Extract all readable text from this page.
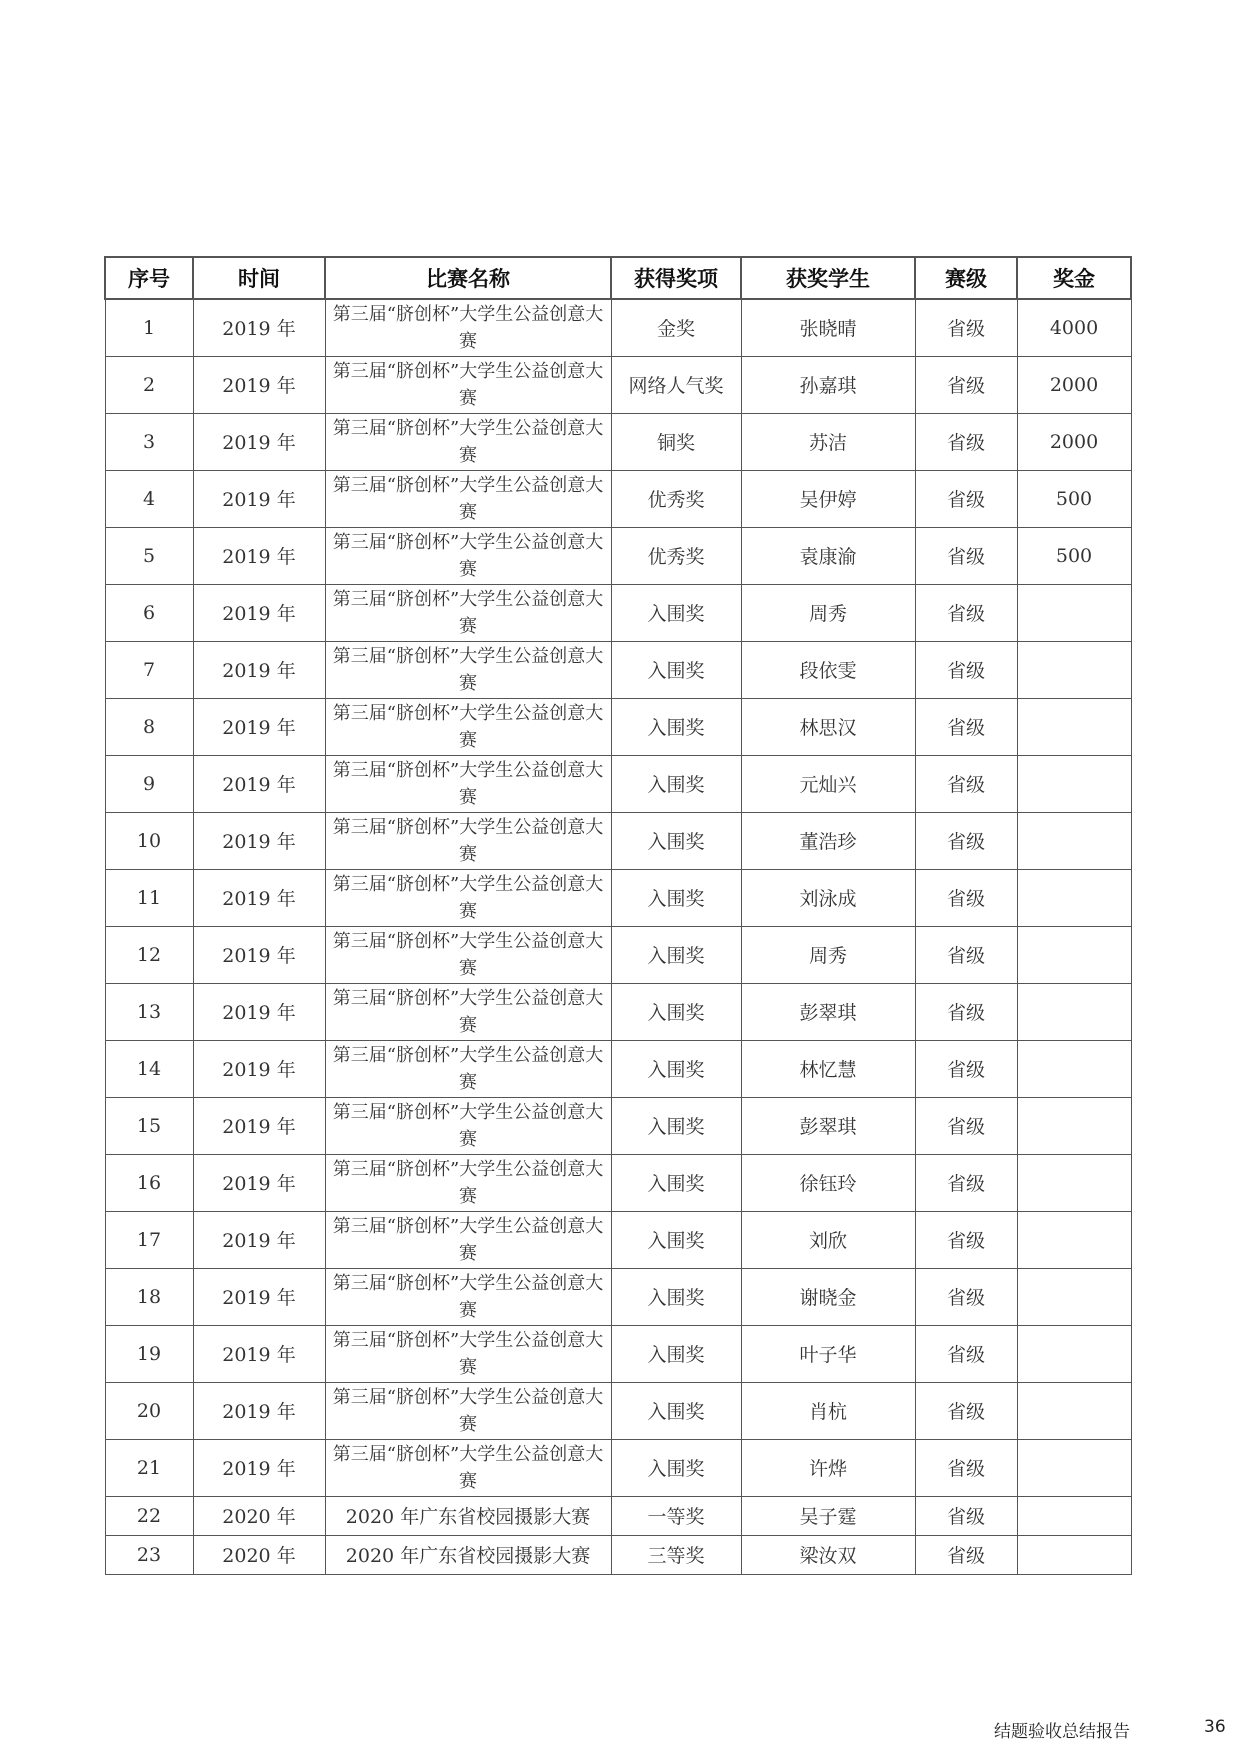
序号	时间	比赛名称	获得奖项	获奖学生	赛级	奖金
1	2019 年	第三届“脐创杯”大学生公益创意大赛	金奖	张晓晴	省级	4000
2	2019 年	第三届“脐创杯”大学生公益创意大赛	网络人气奖	孙嘉琪	省级	2000
3	2019 年	第三届“脐创杯”大学生公益创意大赛	铜奖	苏洁	省级	2000
4	2019 年	第三届“脐创杯”大学生公益创意大赛	优秀奖	吴伊婷	省级	500
5	2019 年	第三届“脐创杯”大学生公益创意大赛	优秀奖	袁康渝	省级	500
6	2019 年	第三届“脐创杯”大学生公益创意大赛	入围奖	周秀	省级	
7	2019 年	第三届“脐创杯”大学生公益创意大赛	入围奖	段依雯	省级	
8	2019 年	第三届“脐创杯”大学生公益创意大赛	入围奖	林思汉	省级	
9	2019 年	第三届“脐创杯”大学生公益创意大赛	入围奖	元灿兴	省级	
10	2019 年	第三届“脐创杯”大学生公益创意大赛	入围奖	董浩珍	省级	
11	2019 年	第三届“脐创杯”大学生公益创意大赛	入围奖	刘泳成	省级	
12	2019 年	第三届“脐创杯”大学生公益创意大赛	入围奖	周秀	省级	
13	2019 年	第三届“脐创杯”大学生公益创意大赛	入围奖	彭翠琪	省级	
14	2019 年	第三届“脐创杯”大学生公益创意大赛	入围奖	林忆慧	省级	
15	2019 年	第三届“脐创杯”大学生公益创意大赛	入围奖	彭翠琪	省级	
16	2019 年	第三届“脐创杯”大学生公益创意大赛	入围奖	徐钰玲	省级	
17	2019 年	第三届“脐创杯”大学生公益创意大赛	入围奖	刘欣	省级	
18	2019 年	第三届“脐创杯”大学生公益创意大赛	入围奖	谢晓金	省级	
19	2019 年	第三届“脐创杯”大学生公益创意大赛	入围奖	叶子华	省级	
20	2019 年	第三届“脐创杯”大学生公益创意大赛	入围奖	肖杭	省级	
21	2019 年	第三届“脐创杯”大学生公益创意大赛	入围奖	许烨	省级	
22	2020 年	2020 年广东省校园摄影大赛	一等奖	吴子霆	省级	
23	2020 年	2020 年广东省校园摄影大赛	三等奖	梁汝双	省级	
结题验收总结报告	36
